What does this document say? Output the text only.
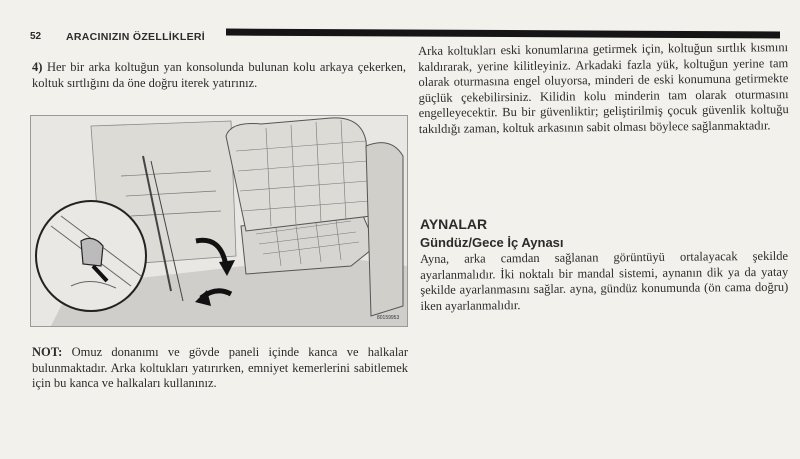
52 ARACINIZIN ÖZELLİKLERİ
4) Her bir arka koltuğun yan konsolunda bulunan kolu arkaya çekerken, koltuk sırtlığını da öne doğru iterek yatırınız.
80159953
NOT: Omuz donanımı ve gövde paneli içinde kanca ve halkalar bulunmaktadır. Arka koltukları yatırırken, emniyet kemerlerini sabitlemek için bu kanca ve halkaları kullanınız.
Arka koltukları eski konumlarına getirmek için, koltuğun sırtlık kısmını kaldırarak, yerine kilitleyiniz. Arkadaki fazla yük, koltuğun yerine tam olarak oturmasına engel oluyorsa, minderi de eski konumuna getirmekte güçlük çekebilirsiniz. Kilidin kolu minderin tam olarak oturmasını engelleyecektir. Bu bir güvenliktir; geliştirilmiş çocuk güvenlik koltuğu takıldığı zaman, koltuk arkasının sabit olması böylece sağlanmaktadır.
AYNALAR
Gündüz/Gece İç Aynası
Ayna, arka camdan sağlanan görüntüyü ortalayacak şekilde ayarlanmalıdır. İki noktalı bir mandal sistemi, aynanın dik ya da yatay şekilde ayarlanmasını sağlar. ayna, gündüz konumunda (ön cama doğru) iken ayarlanmalıdır.
